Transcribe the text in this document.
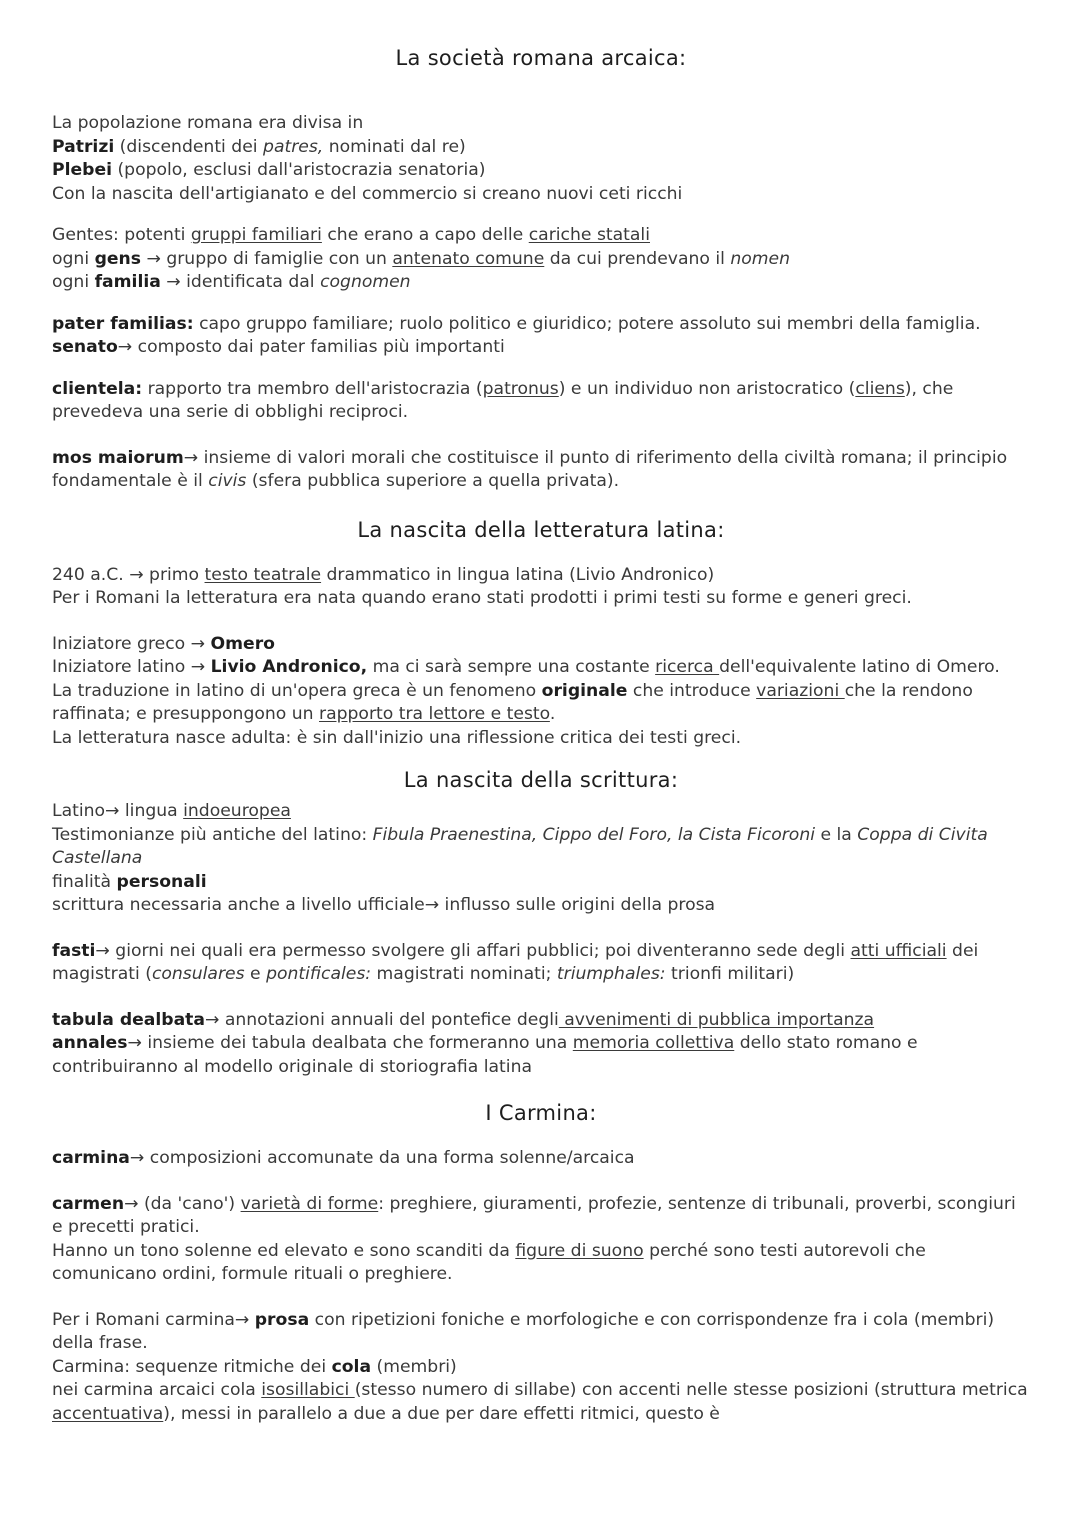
La società romana arcaica:

La popolazione romana era divisa in

Patrizi (discendenti dei patres, nominati dal re)

Plebei (popolo, esclusi dall'aristocrazia senatoria)

Con la nascita dell'artigianato e del commercio si creano nuovi ceti ricchi

Gentes: potenti gruppi familiari che erano a capo delle cariche statali

ogni gens → gruppo di famiglie con un antenato comune da cui prendevano il nomen

ogni familia → identificata dal cognomen

pater familias: capo gruppo familiare; ruolo politico e giuridico; potere assoluto sui membri della famiglia.

senato→ composto dai pater familias più importanti

clientela: rapporto tra membro dell'aristocrazia (patronus) e un individuo non aristocratico (cliens), che prevedeva una serie di obblighi reciproci.

mos maiorum→ insieme di valori morali che costituisce il punto di riferimento della civiltà romana; il principio fondamentale è il civis (sfera pubblica superiore a quella privata).

La nascita della letteratura latina:

240 a.C. → primo testo teatrale drammatico in lingua latina (Livio Andronico)

Per i Romani la letteratura era nata quando erano stati prodotti i primi testi su forme e generi greci.

Iniziatore greco → Omero

Iniziatore latino → Livio Andronico, ma ci sarà sempre una costante ricerca dell'equivalente latino di Omero.

La traduzione in latino di un'opera greca è un fenomeno originale che introduce variazioni che la rendono raffinata; e presuppongono un rapporto tra lettore e testo.

La letteratura nasce adulta: è sin dall'inizio una riflessione critica dei testi greci.

La nascita della scrittura:

Latino→ lingua indoeuropea

Testimonianze più antiche del latino: Fibula Praenestina, Cippo del Foro, la Cista Ficoroni e la Coppa di Civita Castellana

finalità personali

scrittura necessaria anche a livello ufficiale→ influsso sulle origini della prosa

fasti→ giorni nei quali era permesso svolgere gli affari pubblici; poi diventeranno sede degli atti ufficiali dei magistrati (consulares e pontificales: magistrati nominati; triumphales: trionfi militari)

tabula dealbata→ annotazioni annuali del pontefice degli avvenimenti di pubblica importanza

annales→ insieme dei tabula dealbata che formeranno una memoria collettiva dello stato romano e contribuiranno al modello originale di storiografia latina

I Carmina:

carmina→ composizioni accomunate da una forma solenne/arcaica

carmen→ (da 'cano') varietà di forme: preghiere, giuramenti, profezie, sentenze di tribunali, proverbi, scongiuri e precetti pratici.

Hanno un tono solenne ed elevato e sono scanditi da figure di suono perché sono testi autorevoli che comunicano ordini, formule rituali o preghiere.

Per i Romani carmina→ prosa con ripetizioni foniche e morfologiche e con corrispondenze fra i cola (membri) della frase.

Carmina: sequenze ritmiche dei cola (membri)

nei carmina arcaici cola isosillabici (stesso numero di sillabe) con accenti nelle stesse posizioni (struttura metrica accentuativa), messi in parallelo a due a due per dare effetti ritmici, questo è
